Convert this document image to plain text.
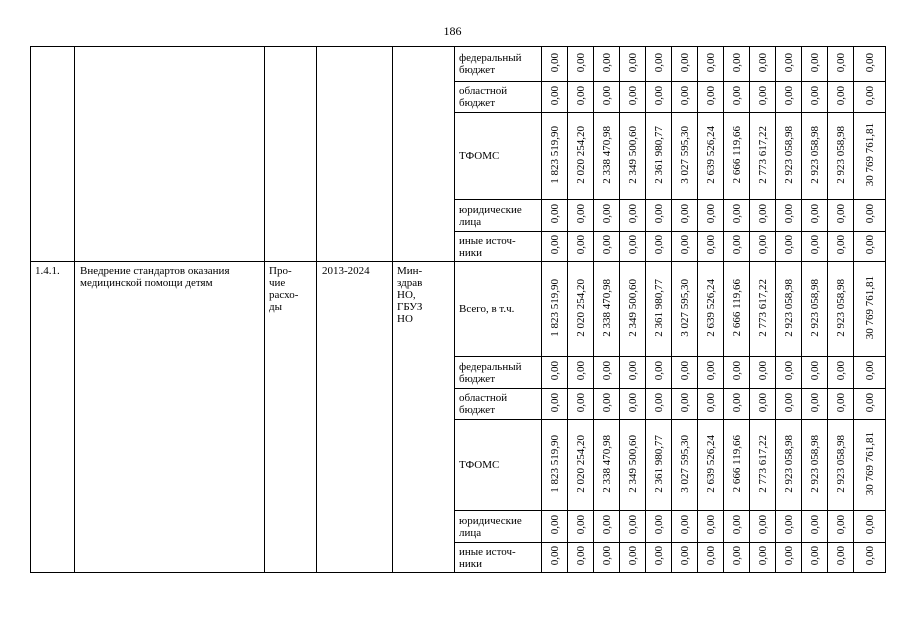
186
					федеральный бюджет	0,00	0,00	0,00	0,00	0,00	0,00	0,00	0,00	0,00	0,00	0,00	0,00	0,00
					областной бюджет	0,00	0,00	0,00	0,00	0,00	0,00	0,00	0,00	0,00	0,00	0,00	0,00	0,00
					ТФОМС	1 823 519,90	2 020 254,20	2 338 470,98	2 349 500,60	2 361 980,77	3 027 595,30	2 639 526,24	2 666 119,66	2 773 617,22	2 923 058,98	2 923 058,98	2 923 058,98	30 769 761,81
					юридические лица	0,00	0,00	0,00	0,00	0,00	0,00	0,00	0,00	0,00	0,00	0,00	0,00	0,00
					иные источ-
ники	0,00	0,00	0,00	0,00	0,00	0,00	0,00	0,00	0,00	0,00	0,00	0,00	0,00
1.4.1.	Внедрение стандартов оказания медицинской помощи детям	Про-
чие
расхо-
ды	2013-2024	Мин-
здрав
НО,
ГБУЗ
НО	Всего, в т.ч.	1 823 519,90	2 020 254,20	2 338 470,98	2 349 500,60	2 361 980,77	3 027 595,30	2 639 526,24	2 666 119,66	2 773 617,22	2 923 058,98	2 923 058,98	2 923 058,98	30 769 761,81
					федеральный бюджет	0,00	0,00	0,00	0,00	0,00	0,00	0,00	0,00	0,00	0,00	0,00	0,00	0,00
					областной бюджет	0,00	0,00	0,00	0,00	0,00	0,00	0,00	0,00	0,00	0,00	0,00	0,00	0,00
					ТФОМС	1 823 519,90	2 020 254,20	2 338 470,98	2 349 500,60	2 361 980,77	3 027 595,30	2 639 526,24	2 666 119,66	2 773 617,22	2 923 058,98	2 923 058,98	2 923 058,98	30 769 761,81
					юридические лица	0,00	0,00	0,00	0,00	0,00	0,00	0,00	0,00	0,00	0,00	0,00	0,00	0,00
					иные источ-
ники	0,00	0,00	0,00	0,00	0,00	0,00	0,00	0,00	0,00	0,00	0,00	0,00	0,00
